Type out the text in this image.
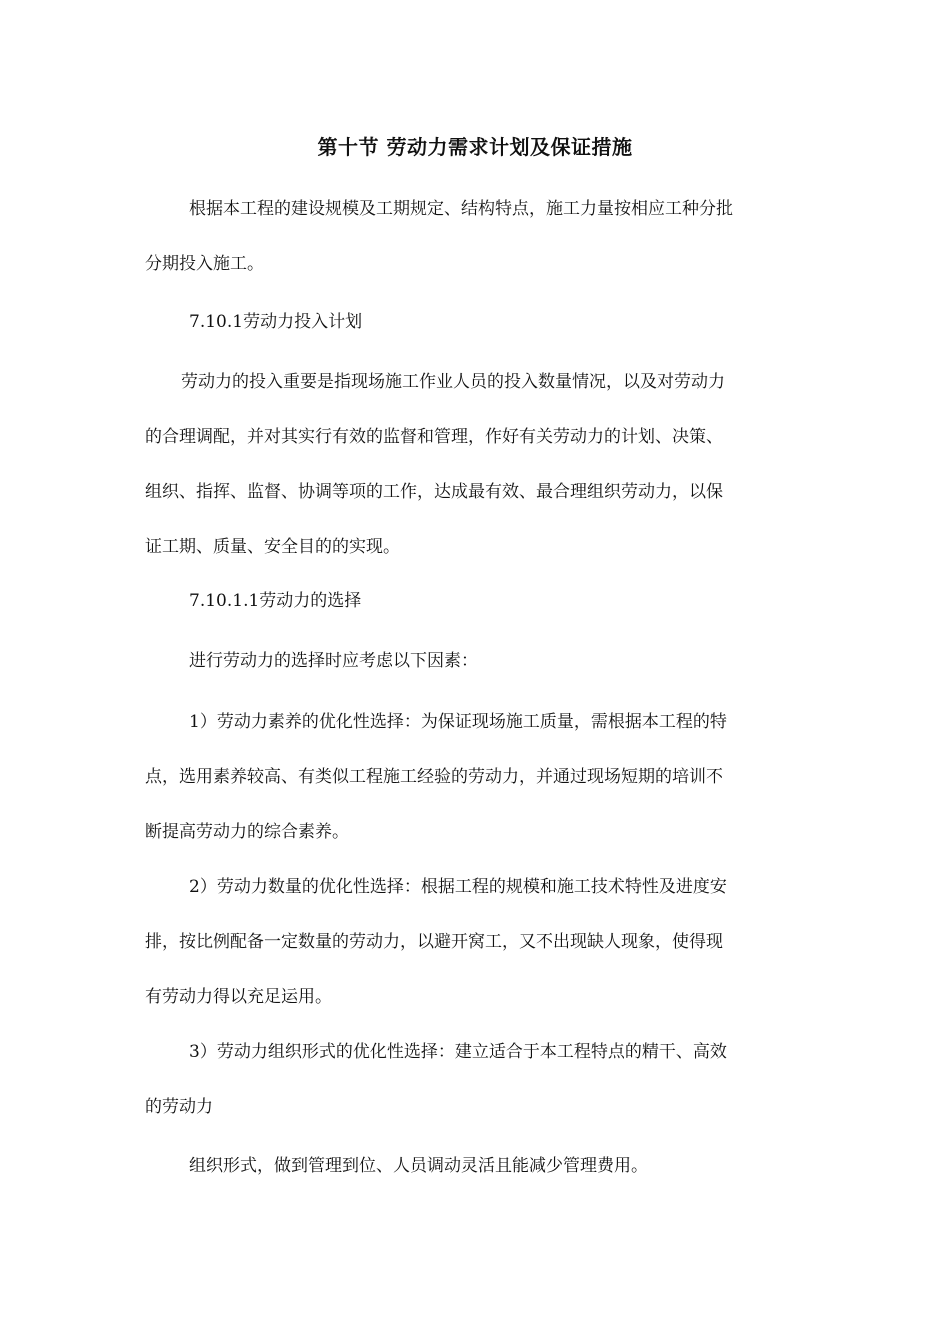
第十节 劳动力需求计划及保证措施
根据本工程的建设规模及工期规定、结构特点，施工力量按相应工种分批
分期投入施工。
7.10.1劳动力投入计划
劳动力的投入重要是指现场施工作业人员的投入数量情况，以及对劳动力
的合理调配，并对其实行有效的监督和管理，作好有关劳动力的计划、决策、
组织、指挥、监督、协调等项的工作，达成最有效、最合理组织劳动力，以保
证工期、质量、安全目的的实现。
7.10.1.1劳动力的选择
进行劳动力的选择时应考虑以下因素：
1）劳动力素养的优化性选择：为保证现场施工质量，需根据本工程的特
点，选用素养较高、有类似工程施工经验的劳动力，并通过现场短期的培训不
断提高劳动力的综合素养。
2）劳动力数量的优化性选择：根据工程的规模和施工技术特性及进度安
排，按比例配备一定数量的劳动力，以避开窝工，又不出现缺人现象，使得现
有劳动力得以充足运用。
3）劳动力组织形式的优化性选择：建立适合于本工程特点的精干、高效
的劳动力
组织形式，做到管理到位、人员调动灵活且能减少管理费用。
